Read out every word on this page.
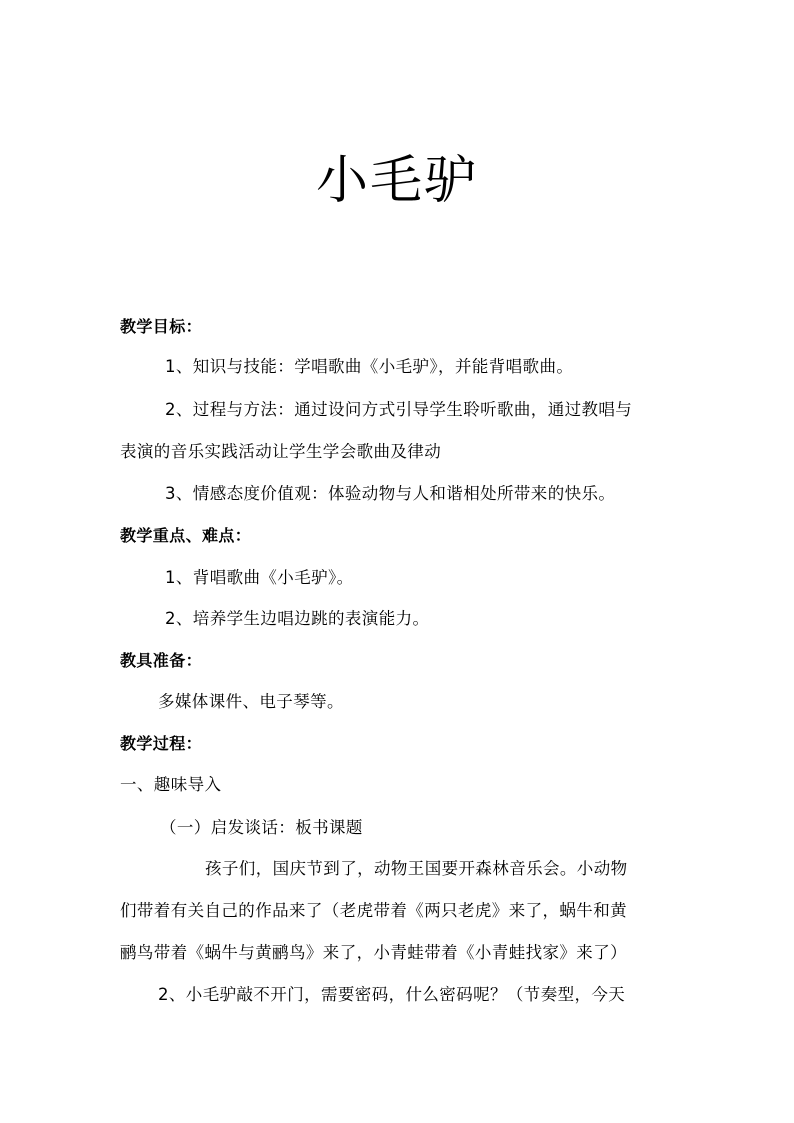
小毛驴
教学目标：
1、知识与技能：学唱歌曲《小毛驴》，并能背唱歌曲。
2、过程与方法：通过设问方式引导学生聆听歌曲，通过教唱与
表演的音乐实践活动让学生学会歌曲及律动
3、情感态度价值观：体验动物与人和谐相处所带来的快乐。
教学重点、难点：
1、背唱歌曲《小毛驴》。
2、培养学生边唱边跳的表演能力。
教具准备：
多媒体课件、电子琴等。
教学过程：
一、趣味导入
（一）启发谈话：板书课题
孩子们，国庆节到了，动物王国要开森林音乐会。小动物
们带着有关自己的作品来了（老虎带着《两只老虎》来了，蜗牛和黄
鹂鸟带着《蜗牛与黄鹂鸟》来了，小青蛙带着《小青蛙找家》来了）
2、小毛驴敲不开门，需要密码，什么密码呢？（节奏型，今天
